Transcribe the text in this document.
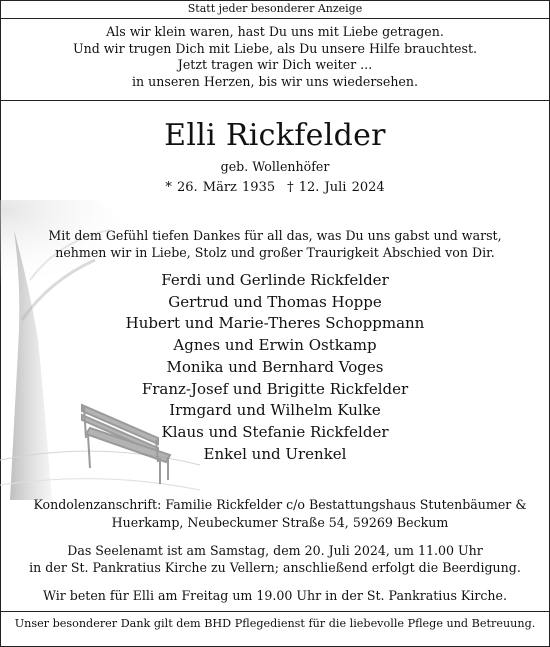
Statt jeder besonderer Anzeige
Als wir klein waren, hast Du uns mit Liebe getragen.
Und wir trugen Dich mit Liebe, als Du unsere Hilfe brauchtest.
Jetzt tragen wir Dich weiter ...
in unseren Herzen, bis wir uns wiedersehen.
Elli Rickfelder
geb. Wollenhöfer
* 26. März 1935 † 12. Juli 2024
Mit dem Gefühl tiefen Dankes für all das, was Du uns gabst und warst,
nehmen wir in Liebe, Stolz und großer Traurigkeit Abschied von Dir.
Ferdi und Gerlinde Rickfelder
Gertrud und Thomas Hoppe
Hubert und Marie-Theres Schoppmann
Agnes und Erwin Ostkamp
Monika und Bernhard Voges
Franz-Josef und Brigitte Rickfelder
Irmgard und Wilhelm Kulke
Klaus und Stefanie Rickfelder
Enkel und Urenkel
Kondolenzanschrift: Familie Rickfelder c/o Bestattungshaus Stutenbäumer &
Huerkamp, Neubeckumer Straße 54, 59269 Beckum
Das Seelenamt ist am Samstag, dem 20. Juli 2024, um 11.00 Uhr
in der St. Pankratius Kirche zu Vellern; anschließend erfolgt die Beerdigung.
Wir beten für Elli am Freitag um 19.00 Uhr in der St. Pankratius Kirche.
Unser besonderer Dank gilt dem BHD Pflegedienst für die liebevolle Pflege und Betreuung.
